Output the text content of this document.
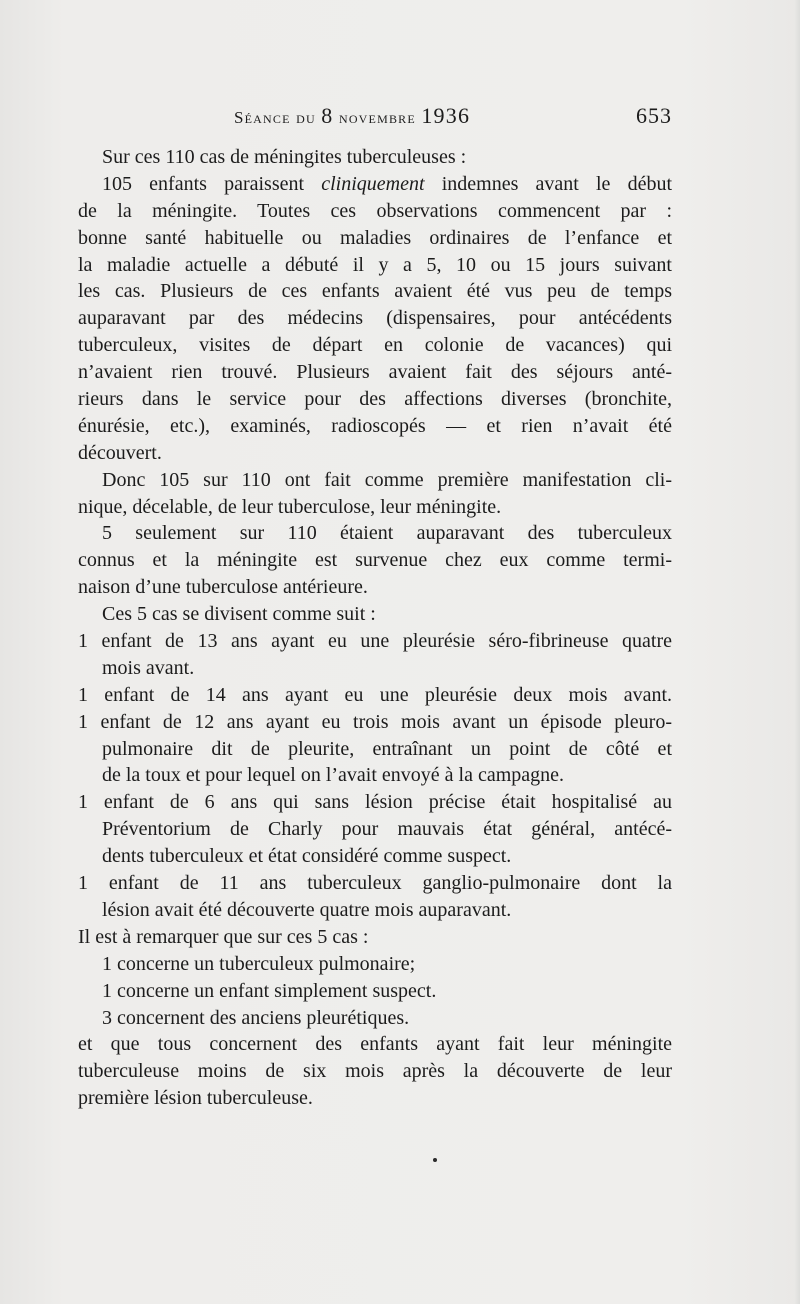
Séance du 8 novembre 1936	653
Sur ces 110 cas de méningites tuberculeuses :
105 enfants paraissent cliniquement indemnes avant le début
de la méningite. Toutes ces observations commencent par :
bonne santé habituelle ou maladies ordinaires de l’enfance et
la maladie actuelle a débuté il y a 5, 10 ou 15 jours suivant
les cas. Plusieurs de ces enfants avaient été vus peu de temps
auparavant par des médecins (dispensaires, pour antécédents
tuberculeux, visites de départ en colonie de vacances) qui
n’avaient rien trouvé. Plusieurs avaient fait des séjours anté-
rieurs dans le service pour des affections diverses (bronchite,
énurésie, etc.), examinés, radioscopés — et rien n’avait été
découvert.
Donc 105 sur 110 ont fait comme première manifestation cli-
nique, décelable, de leur tuberculose, leur méningite.
5 seulement sur 110 étaient auparavant des tuberculeux
connus et la méningite est survenue chez eux comme termi-
naison d’une tuberculose antérieure.
Ces 5 cas se divisent comme suit :
1 enfant de 13 ans ayant eu une pleurésie séro-fibrineuse quatre
mois avant.
1 enfant de 14 ans ayant eu une pleurésie deux mois avant.
1 enfant de 12 ans ayant eu trois mois avant un épisode pleuro-
pulmonaire dit de pleurite, entraînant un point de côté et
de la toux et pour lequel on l’avait envoyé à la campagne.
1 enfant de 6 ans qui sans lésion précise était hospitalisé au
Préventorium de Charly pour mauvais état général, antécé-
dents tuberculeux et état considéré comme suspect.
1 enfant de 11 ans tuberculeux ganglio-pulmonaire dont la
lésion avait été découverte quatre mois auparavant.
Il est à remarquer que sur ces 5 cas :
1 concerne un tuberculeux pulmonaire;
1 concerne un enfant simplement suspect.
3 concernent des anciens pleurétiques.
et que tous concernent des enfants ayant fait leur méningite
tuberculeuse moins de six mois après la découverte de leur
première lésion tuberculeuse.
